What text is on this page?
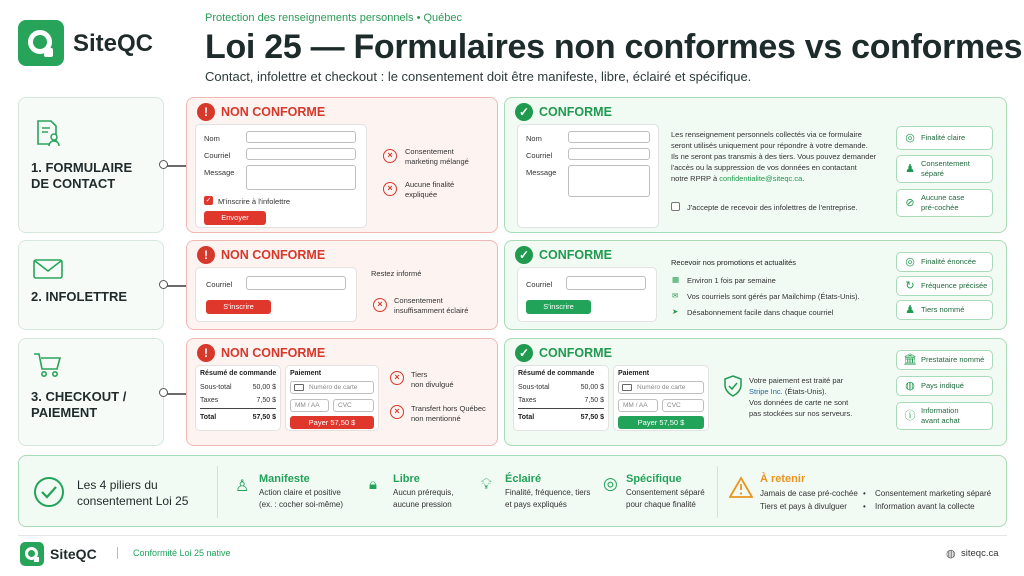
SiteQC
Protection des renseignements personnels • Québec
Loi 25 — Formulaires non conformes vs conformes
Contact, infolettre et checkout : le consentement doit être manifeste, libre, éclairé et spécifique.
1. FORMULAIRE
DE CONTACT
2. INFOLETTRE
3. CHECKOUT /
PAIEMENT
!	NON CONFORME
Nom
Courriel
Message
✓ M'inscrire à l'infolettre
Envoyer
×	Consentement
marketing mélangé
×	Aucune finalité
expliquée
✓ CONFORME
Nom
Courriel
Message
Les renseignement personnels collectés via ce formulaire
seront utilisés uniquement pour répondre à votre demande.
Ils ne seront pas transmis à des tiers. Vous pouvez demander
l'accès ou la suppression de vos données en contactant
notre RPRP à confidentialite@siteqc.ca.
J'accepte de recevoir des infolettres de l'entreprise.
◎ Finalité claire
♟ Consentement
séparé
⊘ Aucune case
pré-cochée
!	NON CONFORME
Courriel
S'inscrire
Restez informé
×	Consentement
insuffisamment éclairé
✓ CONFORME
Courriel
S'inscrire
Recevoir nos promotions et actualités
▦ Environ 1 fois par semaine
✉ Vos courriels sont gérés par Mailchimp (États-Unis).
➤ Désabonnement facile dans chaque courriel
◎ Finalité énoncée
↻ Fréquence précisée
♟ Tiers nommé
!	NON CONFORME
Résumé de commande
Sous-total	50,00 $
Taxes	7,50 $
Total	57,50 $
Paiement
Numéro de carte
MM / AA	CVC
Payer 57,50 $
×	Tiers
non divulgué
×	Transfert hors Québec
non mentionné
✓ CONFORME
Résumé de commande
Sous-total	50,00 $
Taxes	7,50 $
Total	57,50 $
Paiement
Numéro de carte
MM / AA	CVC
Payer 57,50 $
Votre paiement est traité par
Stripe Inc. (États-Unis).
Vos données de carte ne sont
pas stockées sur nos serveurs.
🏛 Prestataire nommé
◍ Pays indiqué
ⓘ Information
avant achat
Les 4 piliers du
consentement Loi 25
♙ Manifeste
Action claire et positive
(ex. : cocher soi-même)
🔒︎ Libre
Aucun prérequis,
aucune pression
💡︎ Éclairé
Finalité, fréquence, tiers
et pays expliqués
◎ Spécifique
Consentement séparé
pour chaque finalité
À retenir
Jamais de case pré-cochée • Consentement marketing séparé
Tiers et pays à divulguer • Information avant la collecte
SiteQC	Conformité Loi 25 native	◍ siteqc.ca
